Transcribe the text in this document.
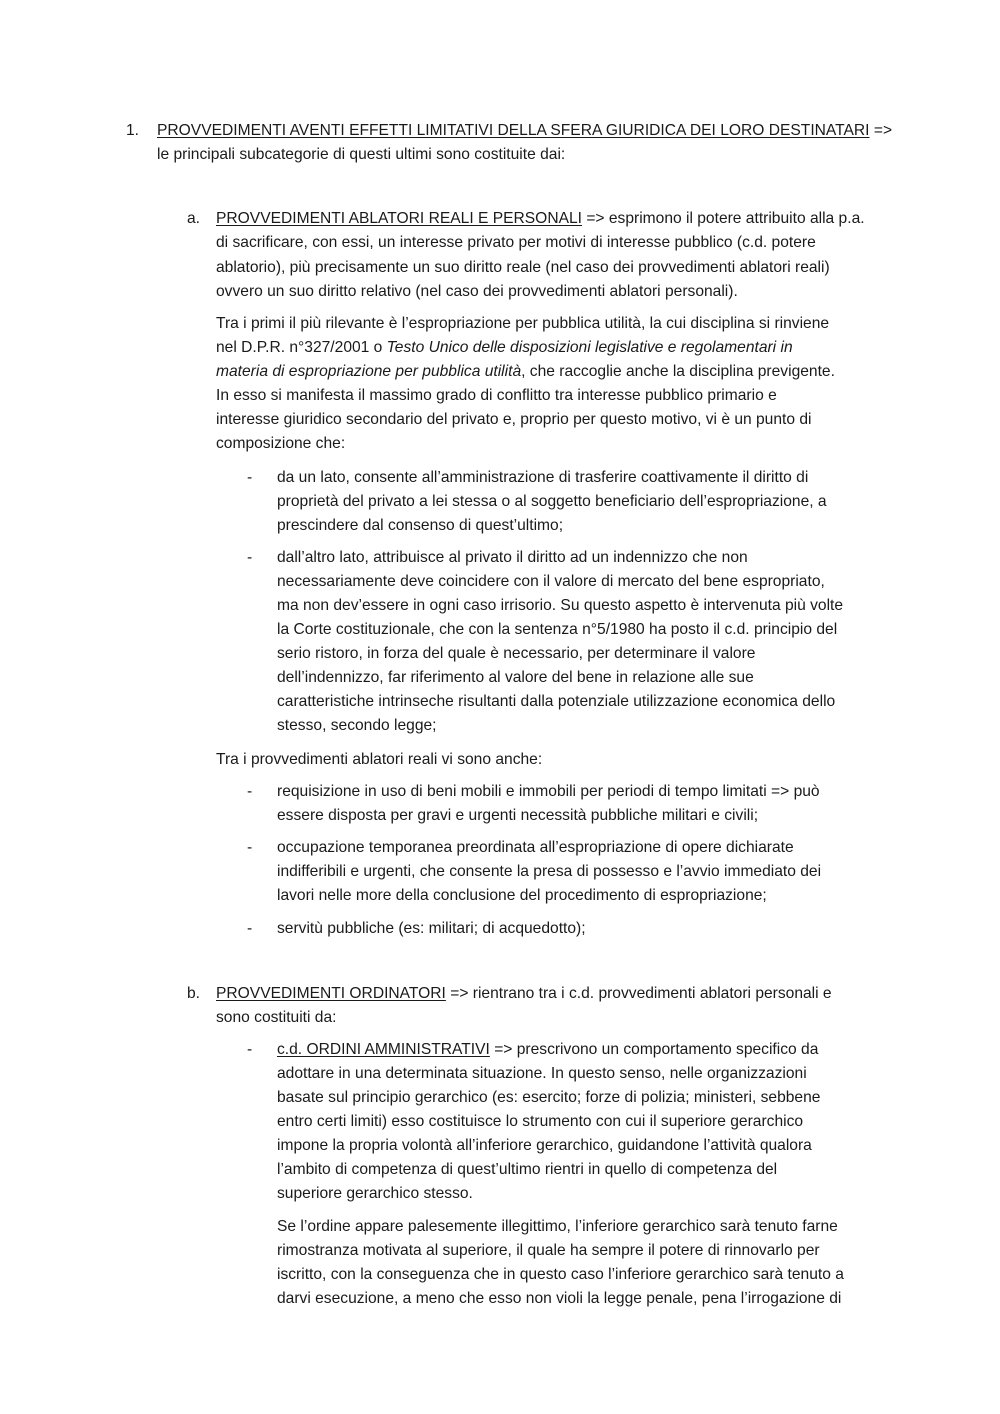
1. PROVVEDIMENTI AVENTI EFFETTI LIMITATIVI DELLA SFERA GIURIDICA DEI LORO DESTINATARI =>
le principali subcategorie di questi ultimi sono costituite dai:
a. PROVVEDIMENTI ABLATORI REALI E PERSONALI => esprimono il potere attribuito alla p.a.
di sacrificare, con essi, un interesse privato per motivi di interesse pubblico (c.d. potere
ablatorio), più precisamente un suo diritto reale (nel caso dei provvedimenti ablatori reali)
ovvero un suo diritto relativo (nel caso dei provvedimenti ablatori personali).
Tra i primi il più rilevante è l’espropriazione per pubblica utilità, la cui disciplina si rinviene
nel D.P.R. n°327/2001 o Testo Unico delle disposizioni legislative e regolamentari in
materia di espropriazione per pubblica utilità, che raccoglie anche la disciplina previgente.
In esso si manifesta il massimo grado di conflitto tra interesse pubblico primario e
interesse giuridico secondario del privato e, proprio per questo motivo, vi è un punto di
composizione che:
- da un lato, consente all’amministrazione di trasferire coattivamente il diritto di
proprietà del privato a lei stessa o al soggetto beneficiario dell’espropriazione, a
prescindere dal consenso di quest’ultimo;
- dall’altro lato, attribuisce al privato il diritto ad un indennizzo che non
necessariamente deve coincidere con il valore di mercato del bene espropriato,
ma non dev’essere in ogni caso irrisorio. Su questo aspetto è intervenuta più volte
la Corte costituzionale, che con la sentenza n°5/1980 ha posto il c.d. principio del
serio ristoro, in forza del quale è necessario, per determinare il valore
dell’indennizzo, far riferimento al valore del bene in relazione alle sue
caratteristiche intrinseche risultanti dalla potenziale utilizzazione economica dello
stesso, secondo legge;
Tra i provvedimenti ablatori reali vi sono anche:
- requisizione in uso di beni mobili e immobili per periodi di tempo limitati => può
essere disposta per gravi e urgenti necessità pubbliche militari e civili;
- occupazione temporanea preordinata all’espropriazione di opere dichiarate
indifferibili e urgenti, che consente la presa di possesso e l’avvio immediato dei
lavori nelle more della conclusione del procedimento di espropriazione;
- servitù pubbliche (es: militari; di acquedotto);
b. PROVVEDIMENTI ORDINATORI => rientrano tra i c.d. provvedimenti ablatori personali e
sono costituiti da:
- c.d. ORDINI AMMINISTRATIVI => prescrivono un comportamento specifico da
adottare in una determinata situazione. In questo senso, nelle organizzazioni
basate sul principio gerarchico (es: esercito; forze di polizia; ministeri, sebbene
entro certi limiti) esso costituisce lo strumento con cui il superiore gerarchico
impone la propria volontà all’inferiore gerarchico, guidandone l’attività qualora
l’ambito di competenza di quest’ultimo rientri in quello di competenza del
superiore gerarchico stesso.
Se l’ordine appare palesemente illegittimo, l’inferiore gerarchico sarà tenuto farne
rimostranza motivata al superiore, il quale ha sempre il potere di rinnovarlo per
iscritto, con la conseguenza che in questo caso l’inferiore gerarchico sarà tenuto a
darvi esecuzione, a meno che esso non violi la legge penale, pena l’irrogazione di
